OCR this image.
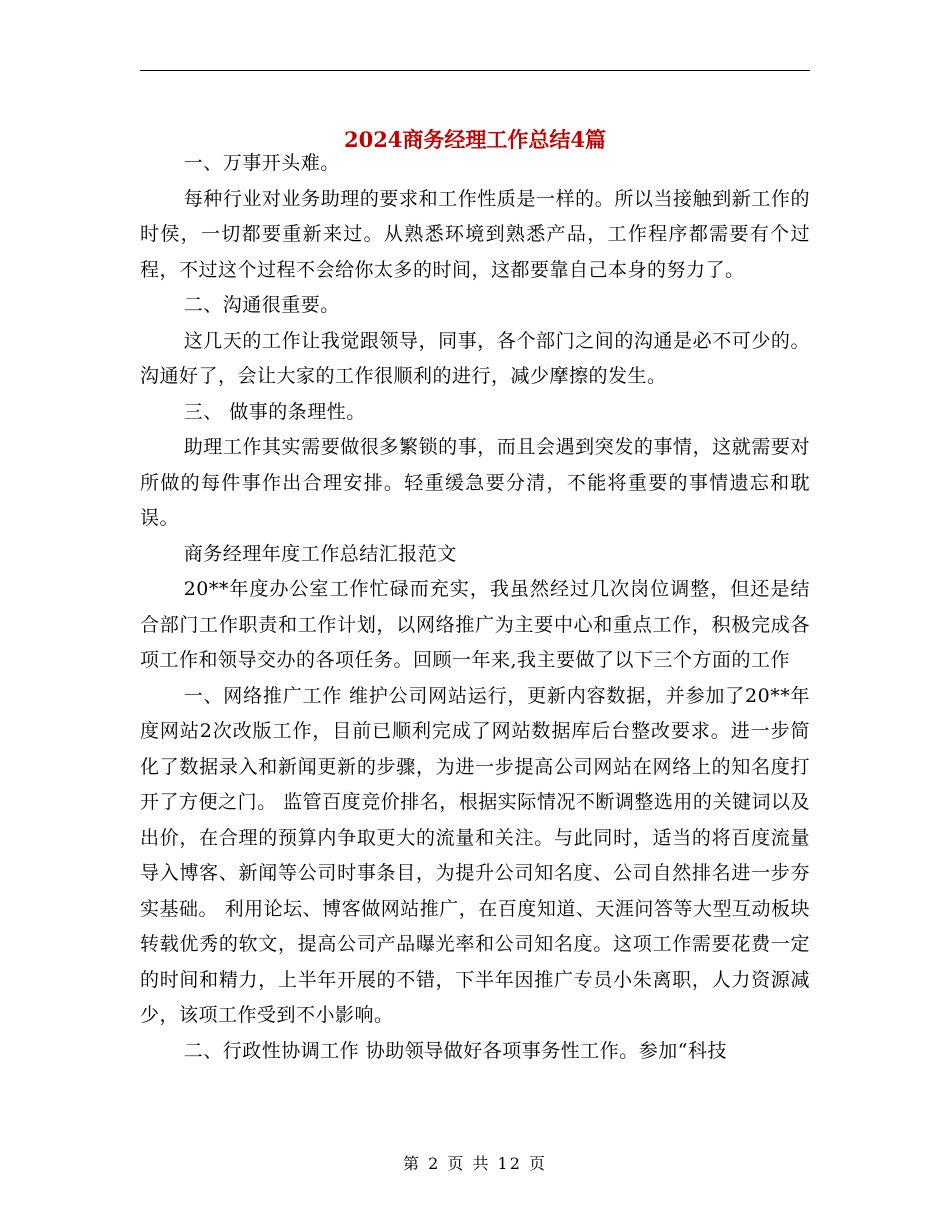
2024商务经理工作总结4篇

一、万事开头难。

每种行业对业务助理的要求和工作性质是一样的。所以当接触到新工作的时侯，一切都要重新来过。从熟悉环境到熟悉产品，工作程序都需要有个过程，不过这个过程不会给你太多的时间，这都要靠自己本身的努力了。

二、沟通很重要。

这几天的工作让我觉跟领导，同事，各个部门之间的沟通是必不可少的。沟通好了，会让大家的工作很顺利的进行，减少摩擦的发生。

三、 做事的条理性。

助理工作其实需要做很多繁锁的事，而且会遇到突发的事情，这就需要对所做的每件事作出合理安排。轻重缓急要分清，不能将重要的事情遗忘和耽误。

商务经理年度工作总结汇报范文

20**年度办公室工作忙碌而充实，我虽然经过几次岗位调整，但还是结合部门工作职责和工作计划，以网络推广为主要中心和重点工作，积极完成各项工作和领导交办的各项任务。回顾一年来,我主要做了以下三个方面的工作

一、网络推广工作 维护公司网站运行，更新内容数据，并参加了20**年度网站2次改版工作，目前已顺利完成了网站数据库后台整改要求。进一步简化了数据录入和新闻更新的步骤，为进一步提高公司网站在网络上的知名度打开了方便之门。 监管百度竞价排名，根据实际情况不断调整选用的关键词以及出价，在合理的预算内争取更大的流量和关注。与此同时，适当的将百度流量导入博客、新闻等公司时事条目，为提升公司知名度、公司自然排名进一步夯实基础。 利用论坛、博客做网站推广，在百度知道、天涯问答等大型互动板块转载优秀的软文，提高公司产品曝光率和公司知名度。这项工作需要花费一定的时间和精力，上半年开展的不错，下半年因推广专员小朱离职，人力资源减少，该项工作受到不小影响。

二、行政性协调工作 协助领导做好各项事务性工作。参加“科技

第 2 页 共 12 页
